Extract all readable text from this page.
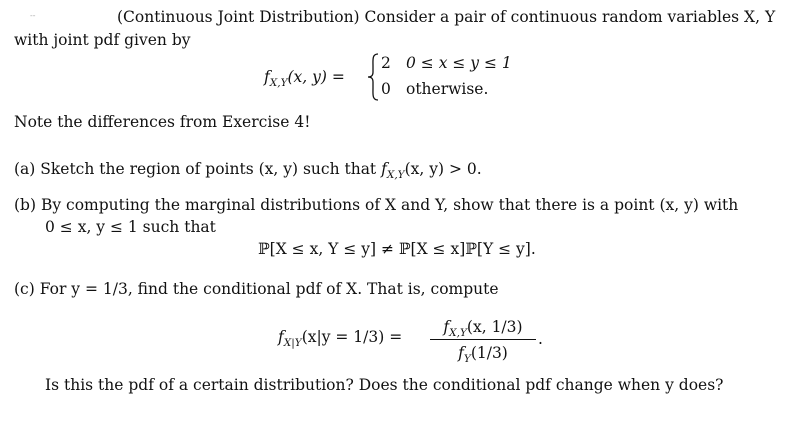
--	(Continuous Joint Distribution) Consider a pair of continuous random variables X, Y
with joint pdf given by
$f_{X,Y}(x$, y) =
2 0 ≤ x ≤ y ≤ 1
0 otherwise.
Note the differences from Exercise 4!
(a) Sketch the region of points (x, y) such that $f_{X,Y}(x$, y) > 0.
(b) By computing the marginal distributions of X and Y, show that there is a point (x, y) with
0 ≤ x, y ≤ 1 such that
ℙ[X ≤ x, Y ≤ y] ≠ ℙ[X ≤ x]ℙ[Y ≤ y].
(c) For y = 1/3, find the conditional pdf of X. That is, compute
$f_{X|Y}(x|y = 1/3)$ =
$f_{X,Y}(x$, 1/3)
$f_Y(1/3)$
.
Is this the pdf of a certain distribution? Does the conditional pdf change when y does?
